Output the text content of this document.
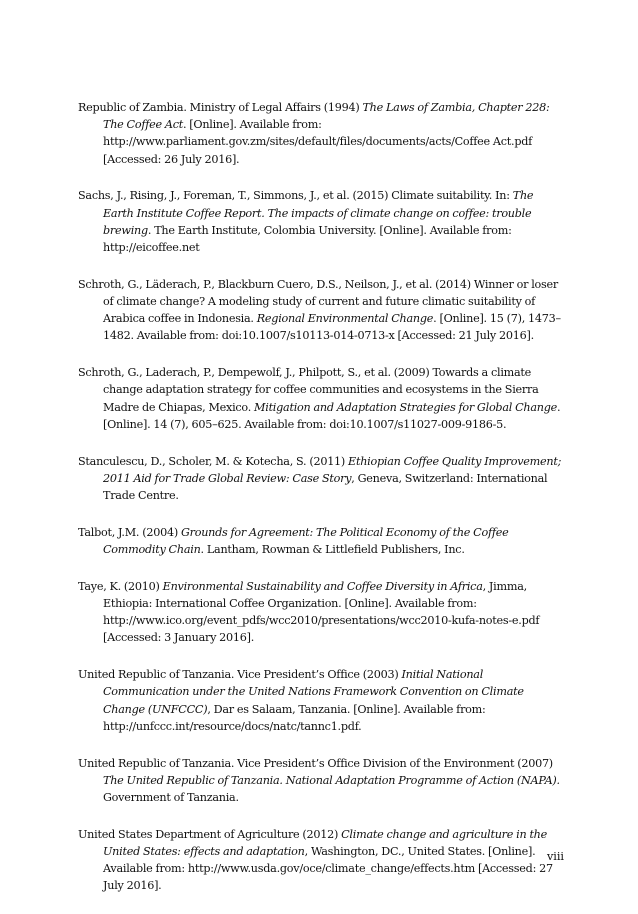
Republic of Zambia. Ministry of Legal Affairs (1994) The Laws of Zambia, Chapter 228: The Coffee Act. [Online]. Available from: http://www.parliament.gov.zm/sites/default/files/documents/acts/Coffee Act.pdf [Accessed: 26 July 2016].

Sachs, J., Rising, J., Foreman, T., Simmons, J., et al. (2015) Climate suitability. In: The Earth Institute Coffee Report. The impacts of climate change on coffee: trouble brewing. The Earth Institute, Colombia University. [Online]. Available from: http://eicoffee.net

Schroth, G., Läderach, P., Blackburn Cuero, D.S., Neilson, J., et al. (2014) Winner or loser of climate change? A modeling study of current and future climatic suitability of Arabica coffee in Indonesia. Regional Environmental Change. [Online]. 15 (7), 1473–1482. Available from: doi:10.1007/s10113-014-0713-x [Accessed: 21 July 2016].

Schroth, G., Laderach, P., Dempewolf, J., Philpott, S., et al. (2009) Towards a climate change adaptation strategy for coffee communities and ecosystems in the Sierra Madre de Chiapas, Mexico. Mitigation and Adaptation Strategies for Global Change. [Online]. 14 (7), 605–625. Available from: doi:10.1007/s11027-009-9186-5.

Stanculescu, D., Scholer, M. & Kotecha, S. (2011) Ethiopian Coffee Quality Improvement; 2011 Aid for Trade Global Review: Case Story, Geneva, Switzerland: International Trade Centre.

Talbot, J.M. (2004) Grounds for Agreement: The Political Economy of the Coffee Commodity Chain. Lantham, Rowman & Littlefield Publishers, Inc.

Taye, K. (2010) Environmental Sustainability and Coffee Diversity in Africa, Jimma, Ethiopia: International Coffee Organization. [Online]. Available from: http://www.ico.org/event_pdfs/wcc2010/presentations/wcc2010-kufa-notes-e.pdf [Accessed: 3 January 2016].

United Republic of Tanzania. Vice President’s Office (2003) Initial National Communication under the United Nations Framework Convention on Climate Change (UNFCCC), Dar es Salaam, Tanzania. [Online]. Available from: http://unfccc.int/resource/docs/natc/tannc1.pdf.

United Republic of Tanzania. Vice President’s Office Division of the Environment (2007) The United Republic of Tanzania. National Adaptation Programme of Action (NAPA). Government of Tanzania.

United States Department of Agriculture (2012) Climate change and agriculture in the United States: effects and adaptation, Washington, DC., United States. [Online]. Available from: http://www.usda.gov/oce/climate_change/effects.htm [Accessed: 27 July 2016].

viii
